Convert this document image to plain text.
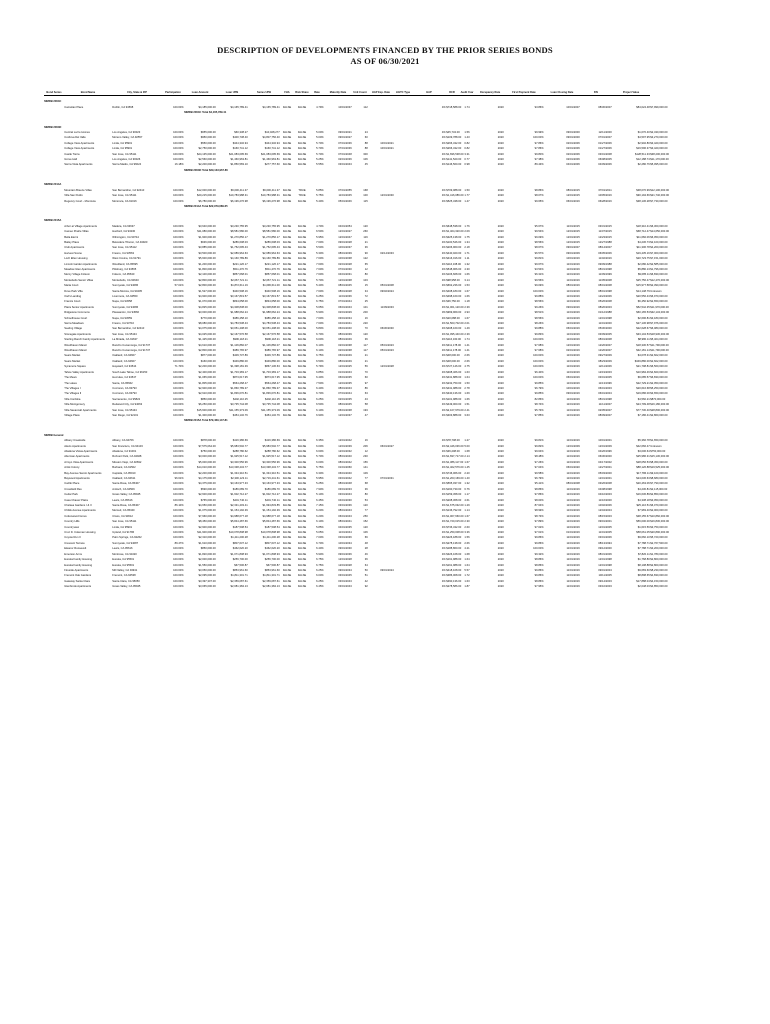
DESCRIPTION OF DEVELOPMENTS FINANCED BY THE PRIOR SERIES BONDS
AS OF 06/30/2021
Bond Series	Bond Name	City, State & ZIP	Participation	Loan Amount	Loan UPB	Series UPB	FHA	Risk Share	Rate	Maturity Date	Unit Count	HAP Exp. Date	LIHTC Type	HAP	DCR	Audit Year	Occupancy Rate	First Payment Date	Loan Closing Date	PAI	Project Value	
MMRB 2004C																						
	Carnelian Place	Dublin, CA 94568	100.00%	$4,185,000.00	$4,165,789.41	$4,165,789.41	FALSE	FALSE	4.79%	10/01/2037	112			4%	$718,588.00	1.74	2020	93.86%	10/01/2007	08/30/2007	$84,024.48	$7,999,000.00
				MMRB 2004C Total $4,165,789.41																		

MMRB 2004D																						
	Central La Fe Homes	Los Angeles, CA 90023	100.00%	$655,000.00	$60,338.27	$10,028,277	FALSE	FALSE	5.00%	09/01/2021	24			4%	$45,734.00	1.56	2020	99.99%	09/01/2000	12/11/2000	$1,070.40	$2,430,000.00
	Cordova Del Valle	Moreno Valley, CA 92557	100.00%	$950,000.00	$400,738.40	$4,807,756.40	FALSE	FALSE	5.00%	09/01/2027	60			4%	$109,788.00	1.43	2020	100.00%	09/01/2000	07/01/2007	$4,597.95	$3,270,000.00
	College View Apartments	Linda, CA 95901	100.00%	$550,000.00	$344,332.94	$344,332.94	FALSE	FALSE	5.70%	07/01/2036	88	10/01/2021		4%	$266,432.00	0.82	2020	97.86%	02/01/2006	01/27/2006	$2,902.80	$3,420,000.00
	College View Apartments	Linda, CA 95901	100.00%	$2,750,000.00	$160,741.12	$160,741.12	FALSE	FALSE	5.70%	07/01/2036	88	10/01/2021		4%	$266,432.00	0.82	2020	97.86%	02/01/2006	01/27/2006	$19,596.37	$3,420,000.00
	Castle Tierra	San Jose, CA 95111	100.00%	$24,135,000.00	$21,083,095.69	$21,083,095.69	FALSE	FALSE	5.70%	07/01/2048	300			4%	$1,696,538.00	3.31	2020	99.80%	02/01/2006	03/01/2008	$128,511.33	$38,200,000.00
	Grove Hall	Los Angeles, CA 90026	100.00%	$2,560,000.00	$1,460,963.81	$1,460,963.81	FALSE	FALSE	5.25%	02/01/2036	106			4%	$141,520.00	0.77	2020	97.38%	02/01/2006	06/08/2005	$12,188.74	$11,170,000.00
	Sierra Vista Apartments	Sierra Madre, CA 96024	16.18%	$2,200,000.00	$1,850,583.10	$277,757.60	FALSE	FALSE	5.55%	03/01/2043	45			4%	$146,560.00	0.98	2020	89.43%	04/01/2006	04/09/2006	$2,280.76	$5,095,000.00
				MMRB 2004D Total $29,133,967.86																		

MMRB 2014A																						
	Mountain Breeze Villas	San Bernardino, CA 92410	100.00%	$12,000,000.00	$6,000,411.37	$6,000,411.37	FALSE	TRUE	5.85%	07/01/2055	168			4%	$709,088.00	1.50	2020	98.86%	08/01/2015	07/01/2011	$38,070.99	$12,100,000.00
	Villa San Pedro	San Jose, CA 95111	100.00%	$20,215,000.00	$10,783,988.31	$10,783,988.31	FALSE	TRUE	5.75%	11/01/2045	100	12/01/2030		4%	$1,416,086.00	1.77	2020	98.07%	12/01/2015	10/05/2016	$90,194.66	$21,740,000.00
	Regency Court - Monrovia	Monrovia, CA 91016	100.00%	$6,780,000.00	$6,196,276.98	$6,196,276.98	FALSE	FALSE	5.40%	05/01/2046	115			4%	$525,438.00	1.47	2020	99.65%	06/01/2016	06/28/2016	$38,136.28	$7,730,000.00
				MMRB 2014A Total $22,979,689.65																		

MMRB 2015A																						
	Arbor at Village Apartments	Madera, CA 93637	100.00%	$3,640,000.00	$3,230,755.95	$3,230,755.95	FALSE	FALSE	4.70%	04/01/2054	120			4%	$648,538.00	1.76	2020	95.67%	11/01/2015	03/31/2015	$18,310.41	$6,300,000.00
	Cameo Prairie Villas	Hanford, CA 93230	100.00%	$11,080,000.00	$8,581,580.00	$8,581,580.00	FALSE	FALSE	6.50%	12/01/2027	260			4%	$1,404,320.00	2.09	2020	99.54%	12/01/2015	11/07/2015	$68,712.47	$14,650,000.00
	Bella Eterni	Wilmington, CA 90744	100.00%	$1,900,000.00	$1,270,856.17	$1,270,856.17	FALSE	FALSE	5.95%	12/01/2047	116			4%	$325,138.00	1.75	2020	99.09%	12/01/2015	12/23/2015	$11,682.06	$6,050,000.00
	Bailey Place	Belvedere Tiburon, CA 94920	100.00%	$636,000.00	$286,608.03	$286,608.03	FALSE	FALSE	7.60%	09/01/2028	21			4%	$100,546.00	1.34	2020	98.56%	12/01/2015	12/27/1988	$4,236.73	$2,100,000.00
	Club Apartments	San Jose, CA 95112	100.00%	$3,885,000.00	$1,752,695.43	$1,752,695.43	FALSE	FALSE	5.50%	10/01/2037	36			4%	$206,960.00	2.18	2020	98.67%	09/01/2007	08/14/2007	$11,306.78	$4,200,000.00
	Harvest Scene	Fresno, CA 93563	100.00%	$3,500,000.00	$2,089,964.63	$2,089,964.63	FALSE	FALSE	5.30%	08/01/2039	90	02/14/2033		4%	$440,020.00	1.71	2020	96.57%	09/01/2009	06/05/2006	$19,435.16	$7,000,000.00
	Loch Ellen Housing	West Covina, CA 91791	100.00%	$5,600,000.00	$4,160,789.89	$4,160,789.89	FALSE	FALSE	7.60%	10/01/2038	122			4%	$416,016.00	1.11	2020	99.81%	10/01/2016	11/02/2016	$20,723.75	$7,151,000.00
	Lincoln Garden Apartments	Woodland, CA 95695	100.00%	$1,200,000.00	$221,126.17	$221,126.17	FALSE	FALSE	7.60%	02/01/2028	65			4%	$116,168.00	1.32	2020	99.67%	11/01/2016	09/09/1988	$2,080.42	$2,585,000.00
	Meadow Glen Apartments	Pittsburg, CA 94565	100.00%	$1,800,000.00	$511,470.76	$511,470.76	FALSE	FALSE	7.60%	07/01/2030	12			4%	$548,966.00	4.30	2020	93.54%	11/01/2016	08/31/1998	$5,880.13	$1,796,000.00
	Mercy Village Folsom	Folsom, CA 95630	100.00%	$2,100,000.00	$857,668.01	$857,668.01	FALSE	FALSE	7.60%	04/01/2031	80			4%	$106,668.00	1.66	2020	96.31%	11/01/2016	11/09/1999	$9,085.11	$6,830,000.00
	Montebello Senior Villas	Montebello, CA 90640	100.00%	$2,800,000.00	$2,067,721.11	$2,067,721.11	FALSE	FALSE	5.70%	12/01/2038	103			4%	$98,958.00	3.14	2020	99.56%	11/01/2016	11/05/2008	$25,756.47	$12,470,000.00
	Maria Court	Sunnyvale, CA 94086	57.01%	$2,800,000.00	$1,872,611.19	$1,096,611.00	FALSE	FALSE	5.40%	08/01/2045	15	05/01/2008		4%	$662,236.00	1.53	2020	99.09%	08/01/2016	08/01/2008	$15,977.58	$2,390,000.00
	Dove Park Villa	Santa Monica, CA 90405	100.00%	$1,527,000.00	$340,508.16	$340,508.16	FALSE	FALSE	7.60%	08/01/2028	34	09/02/2024		4%	$408,180.00	1.67	2020	100.00%	11/01/2016	08/01/1998	$14,148.79	Unknown
	Owl's Landing	Livermore, CA 94550	100.00%	$4,900,000.00	$3,167,819.57	$3,167,819.57	FALSE	FALSE	6.25%	11/01/2036	72			4%	$498,160.00	1.66	2020	99.88%	11/01/2016	12/24/2006	$20,556.43	$6,970,000.00
	Francis Court	Napa, CA 94558	100.00%	$1,070,000.00	$834,658.00	$834,658.00	FALSE	FALSE	6.75%	07/01/2044	25			4%	$36,750.00	1.18	2020	98.56%	11/01/2016	05/26/2008	$6,450.92	$2,650,000.00
	Plaza Senior Apartments	Sunnyvale, CA 94086	100.00%	$4,825,000.00	$4,308,838.00	$4,308,838.00	FALSE	FALSE	5.65%	06/01/2043	101	11/09/2033		4%	$1,001,120.00	2.39	2020	99.26%	09/01/2016	08/20/2003	$52,542.35	$11,970,000.00
	Ridgeview Commons	Pleasanton, CA 94566	100.00%	$3,000,000.00	$1,988,662.24	$1,988,662.24	FALSE	FALSE	5.90%	02/01/2029	200			3%	$969,969.00	4.93	2020	98.51%	11/01/2016	01/12/1988	$60,165.53	$32,134,000.00
	Schoolhouse Court	Napa, CA 94559	100.00%	$770,000.00	$386,458.10	$386,458.10	FALSE	FALSE	7.60%	03/01/2034	16			4%	$20,088.00	1.67	2020	98.56%	11/01/2016	12/01/1998	$2,696.81	$3,180,000.00
	Sierra Meadows	Fresno, CA 93710	100.00%	$8,080,000.00	$4,783,538.43	$4,783,538.43	FALSE	FALSE	7.60%	04/01/2041	220			4%	$1,503,702.00	2.01	2020	98.26%	11/01/2016	11/01/2000	$27,136.98	$7,976,000.00
	Seeling Village	San Bernardino, CA 92410	100.00%	$4,075,000.00	$3,051,408.00	$3,051,408.00	FALSE	FALSE	5.80%	06/01/2040	70	06/30/2030		4%	$408,160.00	1.49	2020	99.88%	06/01/2016	05/30/2000	$22,628.67	$6,080,000.00
	Stonegate Apartments	San Jose, CA 95134	100.00%	$4,025,000.00	$2,167,576.58	$2,167,576.58	FALSE	FALSE	6.70%	08/01/2039	120			4%	$1,095,440.00	2.39	2020	99.83%	11/01/2016	03/09/2005	$33,104.53	$18,930,000.00
	Sterling Ranch Family Apartments	La Mirada, CA 91637	100.00%	$1,425,000.00	$996,118.21	$996,118.21	FALSE	FALSE	6.00%	08/01/2049	36			4%	$116,160.00	1.74	2020	100.00%	11/01/2016	08/01/2008	$8,980.11	$5,404,000.00
	Woodhaven Manor	Rancho Cucamonga, CA 91737	100.00%	$4,610,000.00	$1,106,882.07	$1,106,882.07	FALSE	FALSE	6.10%	02/01/2038	117	05/01/2023		4%	$311,178.00	1.41	2020	97.68%	12/01/2016	12/20/2007	$18,330.57	$11,790,000.00
	Woodhaven Manor	Rancho Cucamonga, CA 91737	100.00%	$2,800,000.00	$389,765.97	$389,765.97	FALSE	FALSE	6.10%	02/01/2038	117	05/01/2023		4%	$311,178.00	1.41	2020	97.68%	02/01/2016	12/20/2007	$32,181.14	$11,790,000.00
	Sears Market	Oakland, CA 94607	100.00%	$877,000.00	$409,737.89	$409,737.89	FALSE	FALSE	6.75%	06/01/2049	21			4%	$48,000.00	2.66	2020	100.00%	11/01/2016	09/27/2009	$4,078.31	$2,602,000.00
	Sears Market	Oakland, CA 94607	100.00%	$160,000.00	$349,880.00	$349,880.00	FALSE	FALSE	6.50%	08/01/2049	21			4%	$48,000.00	2.66	2020	100.00%	11/01/2016	08/23/2009	$349,880.00	$2,602,000.00
	Sycamore Square	Hayward, CA 94544	71.70%	$2,200,000.00	$1,398,181.39	$867,136.63	FALSE	FALSE	5.79%	12/01/2025	56	12/01/2028		4%	$727,146.00	4.75	2020	100.00%	11/01/2016	12/11/2006	$21,798.81	$6,560,000.00
	Tahoe Valley Apartments	South Lake Tahoe, CA 96150	100.00%	$2,400,000.00	$1,703,383.17	$1,703,383.17	FALSE	FALSE	6.85%	01/01/2043	70			4%	$308,466.00	1.63	2020	96.40%	11/01/2016	12/19/2003	$10,984.46	$4,820,000.00
	The Mews	Hercules, CA 94547	100.00%	$1,065,000.00	$873,617.95	$873,617.95	FALSE	FALSE	6.40%	06/01/2035	60			4%	$431,888.00	1.64	2020	100.00%	06/01/2016	03/01/2005	$6,085.57	$6,830,000.00
	The Lakes	Santa, CA 95662	100.00%	$1,805,000.00	$564,268.47	$564,268.47	FALSE	FALSE	7.50%	12/01/2035	97			4%	$232,750.00	1.50	2020	99.85%	11/01/2016	11/13/1996	$22,729.21	$2,050,000.00
	The Villages I	Corcoran, CA 93793	100.00%	$2,900,000.00	$1,860,789.37	$1,860,789.37	FALSE	FALSE	6.40%	08/01/2043	86			4%	$431,988.00	2.78	2020	96.79%	10/01/2016	06/01/2003	$20,616.68	$5,250,000.00
	The Villages II	Corcoran, CA 93793	100.00%	$2,910,000.00	$1,836,070.81	$1,836,070.81	FALSE	FALSE	6.70%	07/01/2044	63			4%	$340,136.00	1.69	2020	99.85%	09/01/2016	06/01/2004	$19,686.00	$3,650,000.00
	Villa Cordoba	Sacramento, CA 95822	100.00%	$850,000.00	$402,110.25	$402,110.25	FALSE	FALSE	6.25%	02/01/2035	43			4%	$101,988.00	1.66	2020	82.86%	11/01/2016	08/31/1998	$4,560.21	$870,000.00
	Villa Montgomery	Redwood City, CA 94063	100.00%	$6,250,000.00	$3,735,744.08	$3,735,744.08	FALSE	FALSE	6.50%	08/01/2045	58			4%	$449,000.00	1.51	2020	98.74%	11/01/2016	11/11/2007	$24,799.48	$16,180,000.00
	Villa Savannah Apartments	San Jose, CA 95134	100.00%	$15,600,000.00	$11,155,373.09	$11,155,373.09	FALSE	FALSE	6.10%	06/01/2038	193			4%	$2,107,979.00	2.41	2020	95.73%	11/01/2016	02/05/2007	$77,730.40	$28,800,000.00
	Village Place	San Diego, CA 92101	100.00%	$1,300,000.00	$454,132.76	$454,132.76	FALSE	FALSE	6.90%	12/01/2037	47			4%	$303,888.00	3.63	2020	97.85%	11/01/2016	08/09/2007	$7,186.41	$2,860,000.00
				MMRB 2015A Total $79,469,147.81																		

MMRB General																						
	Albany Creekside	Albany, CA 94706	100.00%	$878,000.00	$416,386.69	$416,386.69	FALSE	FALSE	6.35%	12/01/2042	16			4%	$78,708.00	1.27	2020	99.81%	11/01/2016	10/01/2001	$5,366.78	$1,650,000.00
	Alexis Apartments	San Francisco, CA 94103	100.00%	$7,575,064.00	$5,983,502.77	$5,983,502.77	FALSE	FALSE	6.00%	12/01/2039	206	06/01/2027		4%	$2,446,036.00	5.00	2020	99.82%	12/01/2009	12/01/2009	$42,666.47	Unknown
	Altadena Vistas Apartments	Altadena, CA 91001	100.00%	$750,000.00	$288,780.62	$288,780.62	FALSE	FALSE	6.60%	12/01/2032	12			4%	$36,208.00	1.68	2020	99.64%	11/01/2016	04/26/1996	$3,006.64	$750,000.00
	Alterman Apartments	Rohnert Park, CA 94928	100.00%	$3,000,000.00	$1,925,517.12	$1,925,517.12	FALSE	FALSE	5.70%	08/01/2040	230			4%	$1,697,717.00	2.14	2020	98.48%	11/01/2016	06/30/2000	$25,986.31	$15,130,000.00
	Arroyo Vista Apartments	Mission Viejo, CA 92692	100.00%	$5,000,000.00	$3,300,556.96	$3,300,556.96	FALSE	FALSE	6.00%	08/01/2042	156			4%	$1,386,117.00	1.67	2020	97.26%	11/01/2016	04/17/2002	$28,056.53	$8,450,000.00
	Artist Colony	Burbank, CA 91502	100.00%	$14,010,000.00	$13,338,434.77	$13,338,434.77	FALSE	FALSE	5.75%	01/01/2060	141			4%	$1,402,576.00	1.45	2020	97.04%	06/01/2020	12/27/2001	$88,126.88	$19,525,000.00
	Bay Avenue Senior Apartments	Capitola, CA 95010	100.00%	$2,200,000.00	$1,334,310.51	$1,334,310.51	FALSE	FALSE	6.30%	06/01/2040	109			4%	$746,066.00	2.20	2020	99.58%	11/01/2016	05/03/2000	$17,786.11	$9,100,000.00
	Baywood Apartments	Oakland, CA 94611	96.61%	$4,175,000.00	$2,300,123.11	$2,719,441.61	FALSE	FALSE	5.95%	03/01/2042	77	07/01/2031		4%	$1,203,169.00	1.40	2020	96.79%	11/01/2016	12/01/2001	$24,036.63	$8,680,000.00
	Carillo Place	Santa Rosa, CA 95407	100.00%	$4,375,000.00	$3,163,977.33	$3,163,977.33	FALSE	FALSE	5.25%	08/01/2048	68			4%	$565,037.00	1.32	2020	95.41%	08/01/2008	03/26/2008	$20,463.06	$7,790,000.00
	Crossfield Res	Antioch, CA 94509	100.00%	$590,000.00	$186,089.70	$186,089.70	FALSE	FALSE	7.90%	03/01/2033	36			4%	$160,730.00	6.76	2020	98.86%	11/01/2016	04/08/1998	$4,230.81	$2,115,000.00
	Cedar Park	Grass Valley, CA 95945	100.00%	$2,600,000.00	$1,602,712.27	$1,602,712.27	FALSE	FALSE	5.10%	03/01/2043	80			4%	$159,458.00	1.17	2020	97.86%	11/01/2016	04/10/2003	$16,636.89	$2,850,000.00
	Casa Chavez Plaza	Lewis, CA 95616	100.00%	$765,000.00	$401,740.11	$401,740.11	FALSE	FALSE	6.45%	04/01/2030	53			4%	$208,368.00	4.61	2020	98.00%	11/01/2016	11/16/2000	$4,338.18	$3,050,000.00
	Chelsea Gardens I & II	Santa Rosa, CA 95407	86.10%	$4,650,000.00	$2,331,403.41	$1,994,833.85	FALSE	FALSE	7.15%	03/01/2036	120			4%	$1,675,032.00	1.29	2020	87.64%	11/01/2016	10/02/2006	$25,116.51	$6,070,000.00
	Childs Avenue Apartments	Merced, CA 95340	100.00%	$1,075,000.00	$1,154,192.39	$1,154,192.39	FALSE	FALSE	6.20%	08/01/2043	77			4%	$136,792.00	1.14	2020	98.99%	11/01/2016	12/04/2004	$7,983.40	$2,000,000.00
	Cottonwood Grove	Clovis, CA 93612	100.00%	$7,960,000.00	$4,988,677.18	$4,988,677.18	FALSE	FALSE	6.20%	06/01/2043	250			4%	$1,007,660.00	1.67	2020	98.73%	11/01/2016	08/15/2003	$38,155.67	$10,860,000.00
	Country Hills	San Jose, CA 95111	100.00%	$8,450,000.00	$5,844,487.66	$5,844,487.66	FALSE	FALSE	6.10%	08/01/2041	152			4%	$1,720,015.00	2.30	2020	97.89%	11/01/2016	09/01/2001	$56,000.00	$16,830,000.00
	Countryview	Linda, CA 95901	100.00%	$2,900,000.00	$187,508.54	$187,508.54	FALSE	FALSE	5.85%	04/01/2035	120			4%	$736,432.00	2.60	2020	97.02%	11/01/2016	12/01/2005	$1,615.56	$3,750,000.00
	Cruz D. Coleman Housing	Upland, CA 91786	100.00%	$11,900,000.00	$10,078,808.98	$10,078,808.98	FALSE	FALSE	5.05%	11/01/2044	106			4%	$1,250,008.00	3.36	2020	97.61%	01/01/2016	11/01/2005	$58,061.05	$20,890,000.00
	Coyote Run II	Palm Springs, CA 92262	100.00%	$2,310,000.00	$1,411,200.28	$1,411,200.28	FALSE	FALSE	7.00%	03/01/2036	66			4%	$226,188.00	1.56	2020	99.86%	11/01/2016	03/01/2006	$9,660.10	$5,720,000.00
	Crescent Terrace	Sunnyvale, CA 94087	89.47%	$1,610,000.00	$807,637.12	$807,637.12	FALSE	FALSE	6.70%	10/01/2034	48			4%	$278,138.00	2.66	2020	99.86%	11/01/2016	08/13/1994	$7,788.71	$2,767,500.00
	Eleanor Roosevelt	Lewis, CA 95616	100.00%	$850,000.00	$462,620.20	$462,620.20	FALSE	FALSE	6.40%	09/01/2030	28			4%	$188,860.00	4.21	2020	100.00%	11/01/2016	09/12/2000	$7,788.71	$3,200,000.00
	Emerson Arms	Montrose, CA 91020	100.00%	$1,820,000.00	$1,071,808.93	$1,071,808.93	FALSE	FALSE	5.90%	09/01/2036	46			4%	$326,168.00	1.68	2020	99.32%	11/01/2016	08/31/2006	$7,820.11	$1,780,000.00
	Eureka Family Housing	Eureka, CA 95501	100.00%	$2,000,000.00	$256,700.00	$256,700.00	FALSE	FALSE	6.75%	12/01/2028	36			4%	$161,988.00	1.64	2020	98.86%	11/01/2016	12/01/1998	$1,768.80	$2,800,000.00
	Eureka Family Housing	Eureka, CA 95501	100.00%	$1,550,000.00	$67,506.87	$67,506.87	FALSE	FALSE	6.75%	12/01/2028	64			4%	$161,988.00	1.64	2020	98.86%	11/01/2016	12/01/1998	$8,108.88	$2,800,000.00
	Fireside Apartments	Mill Valley, CA 94941	100.00%	$3,050,000.00	$853,961.60	$853,961.60	FALSE	FALSE	6.25%	09/01/2034	50	09/01/2024		4%	$418,108.00	5.57	2020	99.86%	11/01/2016	09/01/2004	$9,683.60	$8,230,000.00
	Fremont Oak Gardens	Fremont, CA 94538	100.00%	$2,095,000.00	$1,811,301.71	$1,811,301.71	FALSE	FALSE	6.00%	03/01/2045	51			4%	$386,008.00	1.72	2020	99.86%	11/01/2016	10/11/2005	$8,898.65	$4,830,000.00
	Gateway Santa Clara	Santa Clara, CA 95050	100.00%	$3,397,307.00	$2,359,087.61	$2,359,087.61	FALSE	FALSE	6.25%	03/01/2043	42			4%	$390,136.00	1.63	2020	98.86%	11/01/2016	09/14/2003	$17,888.04	$4,150,000.00
	Glenbrook Apartments	Grass Valley, CA 95945	100.00%	$3,065,000.00	$2,081,384.13	$2,081,384.13	FALSE	FALSE	6.45%	03/01/2043	92			4%	$278,586.00	1.87	2020	97.95%	11/01/2016	03/10/2003	$2,048.03	$4,850,000.00
